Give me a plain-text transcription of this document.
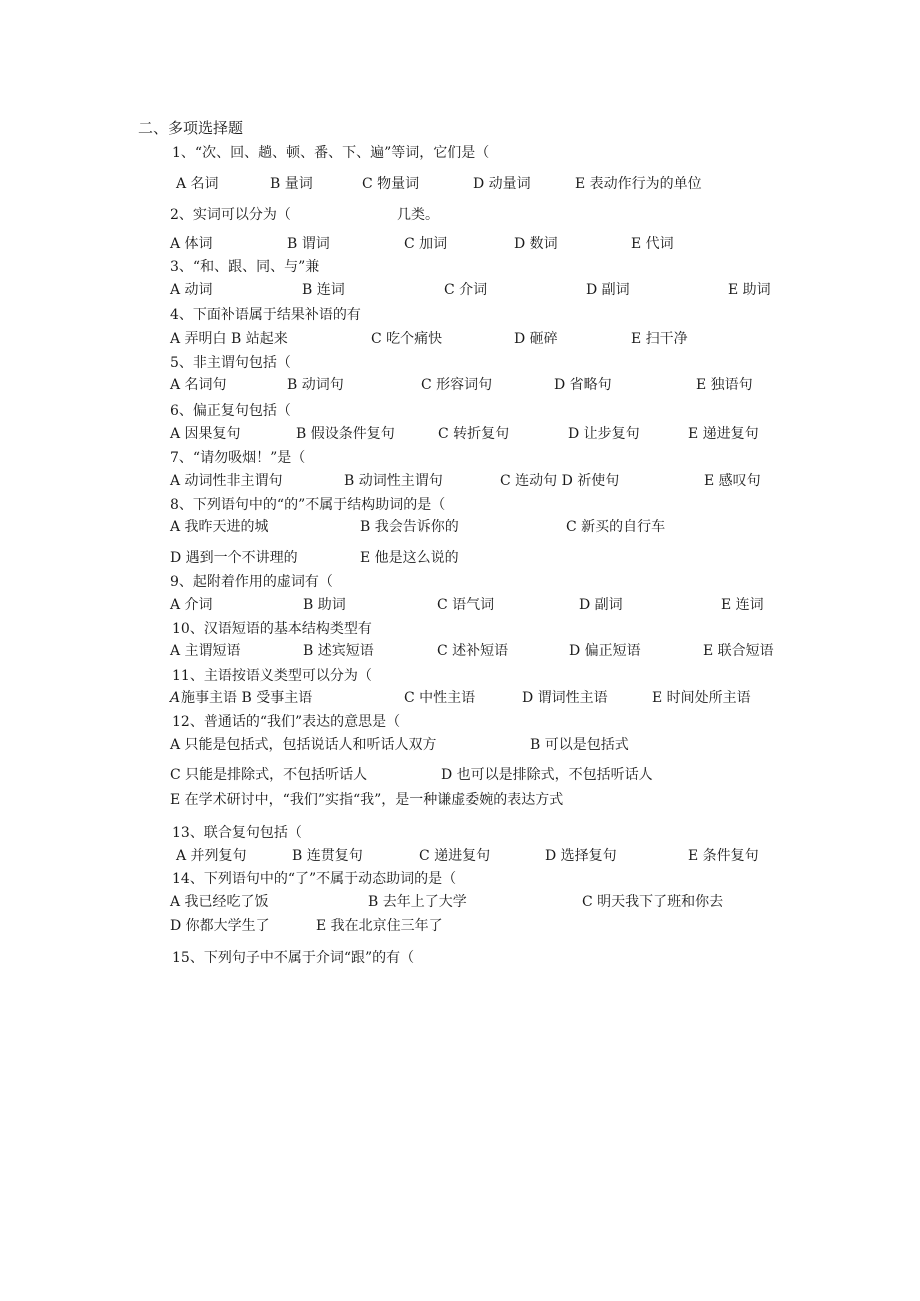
二、多项选择题
1、“次、回、趟、顿、番、下、遍”等词，它们是（
A 名词	B 量词	C 物量词	D 动量词	E 表动作行为的单位
2、实词可以分为（	几类。
A 体词	B 谓词	C 加词	D 数词	E 代词
3、“和、跟、同、与”兼
A 动词	B 连词	C 介词	D 副词	E 助词
4、下面补语属于结果补语的有
A 弄明白 B 站起来	C 吃个痛快	D 砸碎	E 扫干净
5、非主谓句包括（
A 名词句	B 动词句	C 形容词句	D 省略句	E 独语句
6、偏正复句包括（
A 因果复句	B 假设条件复句	C 转折复句	D 让步复句	E 递进复句
7、“请勿吸烟！”是（
A 动词性非主谓句	B 动词性主谓句	C 连动句 D 祈使句	E 感叹句
8、下列语句中的“的”不属于结构助词的是（
A 我昨天进的城	B 我会告诉你的	C 新买的自行车
D 遇到一个不讲理的	E 他是这么说的
9、起附着作用的虚词有（
A 介词	B 助词	C 语气词	D 副词	E 连词
10、汉语短语的基本结构类型有
A 主谓短语	B 述宾短语	C 述补短语	D 偏正短语	E 联合短语
11、主语按语义类型可以分为（
A 施事主语 B 受事主语	C 中性主语	D 谓词性主语	E 时间处所主语
12、普通话的“我们”表达的意思是（
A 只能是包括式，包括说话人和听话人双方	B 可以是包括式
C 只能是排除式，不包括听话人	D 也可以是排除式，不包括听话人
E 在学术研讨中，“我们”实指“我”，是一种谦虚委婉的表达方式
13、联合复句包括（
A 并列复句	B 连贯复句	C 递进复句	D 选择复句	E 条件复句
14、下列语句中的“了”不属于动态助词的是（
A 我已经吃了饭	B 去年上了大学	C 明天我下了班和你去
D 你都大学生了	E 我在北京住三年了
15、下列句子中不属于介词“跟”的有（
